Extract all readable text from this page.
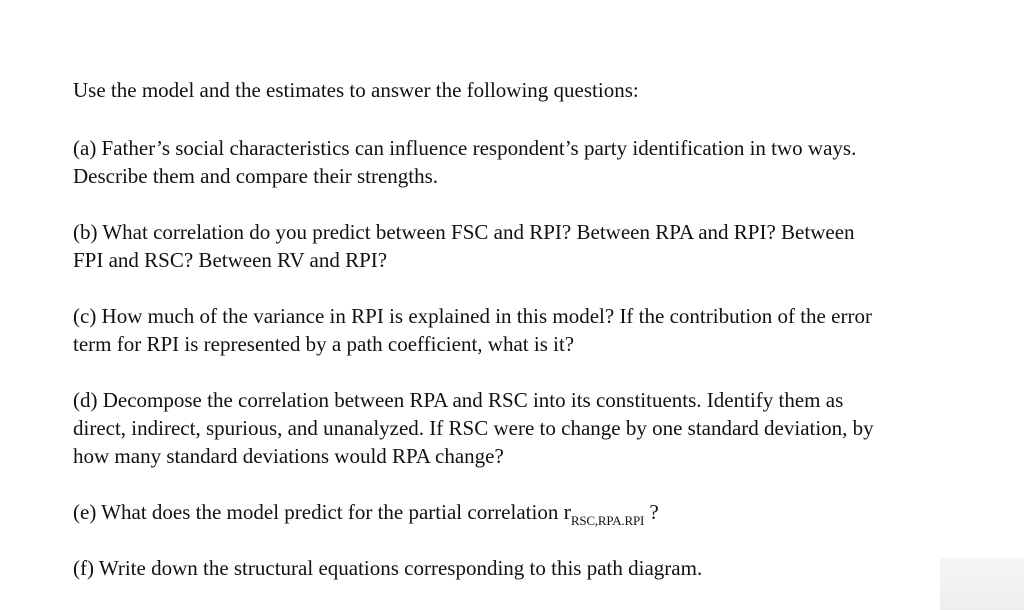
Use the model and the estimates to answer the following questions:

(a) Father’s social characteristics can influence respondent’s party identification in two ways.
Describe them and compare their strengths.
(b) What correlation do you predict between FSC and RPI? Between RPA and RPI? Between
FPI and RSC? Between RV and RPI?
(c) How much of the variance in RPI is explained in this model? If the contribution of the error
term for RPI is represented by a path coefficient, what is it?
(d) Decompose the correlation between RPA and RSC into its constituents. Identify them as
direct, indirect, spurious, and unanalyzed. If RSC were to change by one standard deviation, by
how many standard deviations would RPA change?
(e) What does the model predict for the partial correlation $r_{RSC,RPA.RPI}$ ?
(f) Write down the structural equations corresponding to this path diagram.
